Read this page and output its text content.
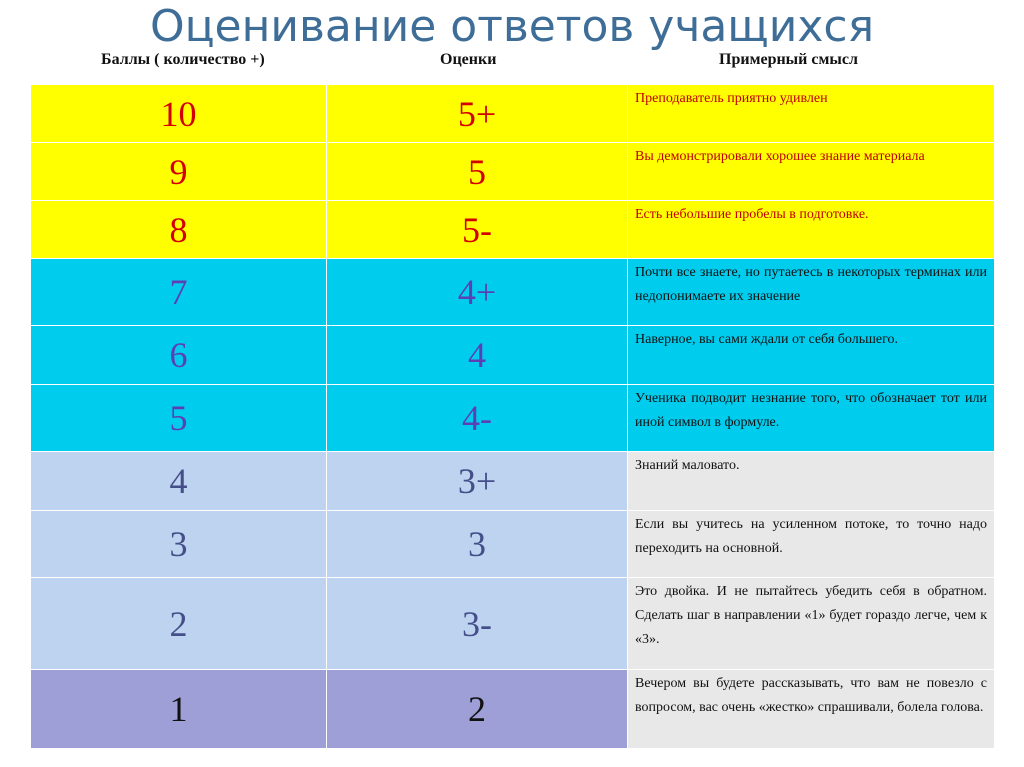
Оценивание ответов учащихся
Баллы ( количество +)	Оценки	Примерный смысл
10	5+	Преподаватель приятно удивлен
9	5	Вы демонстрировали хорошее знание материала
8	5-	Есть небольшие пробелы в подготовке.
7	4+	Почти все знаете, но путаетесь в некоторых терминах или недопонимаете их значение
6	4	Наверное, вы сами ждали от себя большего.
5	4-	Ученика подводит незнание того, что обозначает тот или иной символ в формуле.
4	3+	Знаний маловато.
3	3	Если вы учитесь на усиленном потоке, то точно надо переходить на основной.
2	3-	Это двойка. И не пытайтесь убедить себя в обратном. Сделать шаг в направлении «1» будет гораздо легче, чем к «3».
1	2	Вечером вы будете рассказывать, что вам не повезло с вопросом, вас очень «жестко» спрашивали, болела голова.
